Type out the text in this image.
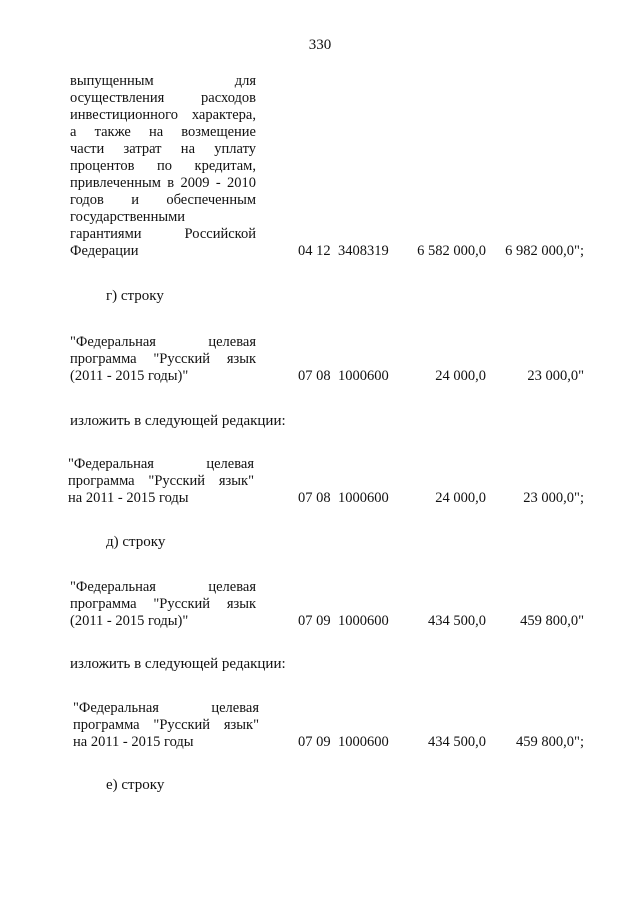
330
выпущенным для
осуществления расходов
инвестиционного характера,
а также на возмещение
части затрат на уплату
процентов по кредитам,
привлеченным в 2009 - 2010
годов и обеспеченным
государственными
гарантиями Российской
Федерации	04 12 3408319	6 582 000,0	6 982 000,0";
г) строку
"Федеральная целевая
программа "Русский язык
(2011 - 2015 годы)"	07 08 1000600	24 000,0	23 000,0"
изложить в следующей редакции:
"Федеральная целевая
программа "Русский язык"
на 2011 - 2015 годы	07 08 1000600	24 000,0	23 000,0";
д) строку
"Федеральная целевая
программа "Русский язык
(2011 - 2015 годы)"	07 09 1000600	434 500,0	459 800,0"
изложить в следующей редакции:
"Федеральная целевая
программа "Русский язык"
на 2011 - 2015 годы	07 09 1000600	434 500,0	459 800,0";
е) строку
